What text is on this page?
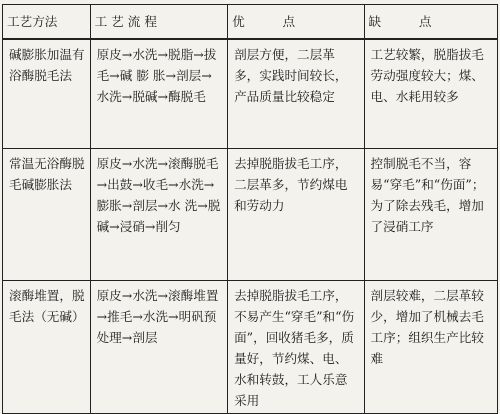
工艺方法	工 艺 流 程	优　　　点	缺　　　点
碱膨胀加温有浴酶脱毛法	原皮→水洗→脱脂→拔 毛→碱 膨 胀→剖层→水洗→脱碱→酶脱毛	剖层方便，二层革多，实践时间较长，产品质量比较稳定	工艺较繁，脱脂拔毛劳动强度较大；煤、电、水耗用较多
常温无浴酶脱毛碱膨胀法	原皮→水洗→滚酶脱毛→出鼓→收毛→水洗→膨胀→剖层→水 洗→脱 碱→浸硝→削匀	去掉脱脂拔毛工序，二层革多，节约煤电和劳动力	控制脱毛不当，容易“穿毛”和“伤面”；为了除去残毛，增加了浸硝工序
滚酶堆置，脱毛法（无碱）	原皮→水洗→滚酶堆置→推毛→水洗→明矾预处理→剖层	去掉脱脂拔毛工序，不易产生“穿毛”和“伤面”，回收猪毛多，质量好，节约煤、电、水和转鼓，工人乐意采用	剖层较难，二层革较少，增加了机械去毛工序；组织生产比较难
